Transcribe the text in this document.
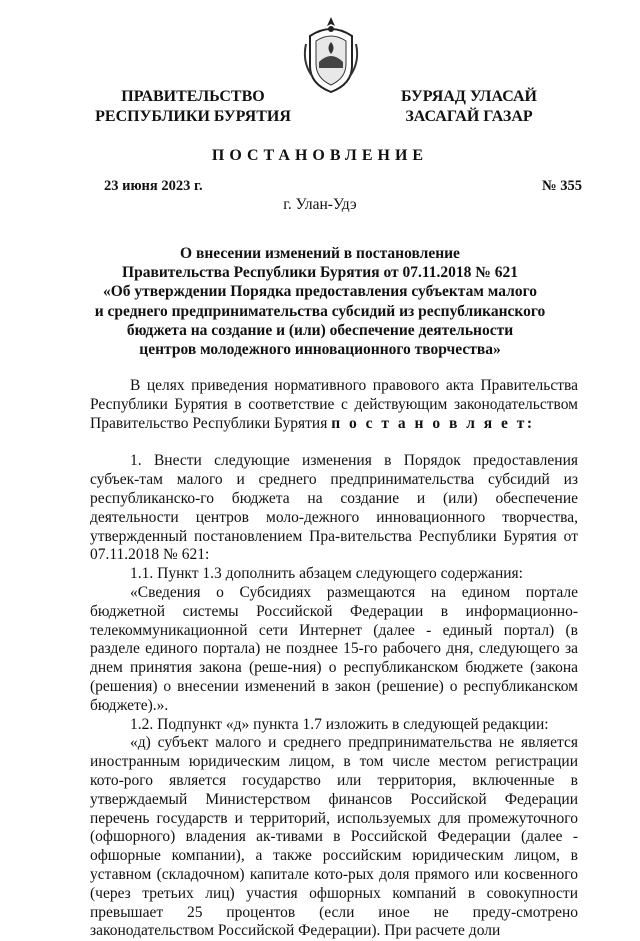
ПРАВИТЕЛЬСТВО
РЕСПУБЛИКИ БУРЯТИЯ
БУРЯАД УЛАСАЙ
ЗАСАГАЙ ГАЗАР
ПОСТАНОВЛЕНИЕ
23 июня 2023 г.	№ 355
г. Улан-Удэ
О внесении изменений в постановление
Правительства Республики Бурятия от 07.11.2018 № 621
«Об утверждении Порядка предоставления субъектам малого
и среднего предпринимательства субсидий из республиканского
бюджета на создание и (или) обеспечение деятельности
центров молодежного инновационного творчества»

В целях приведения нормативного правового акта Правительства Республики Бурятия в соответствие с действующим законодательством Правительство Республики Бурятия п о с т а н о в л я е т:

1. Внести следующие изменения в Порядок предоставления субъек-там малого и среднего предпринимательства субсидий из республиканско-го бюджета на создание и (или) обеспечение деятельности центров моло-дежного инновационного творчества, утвержденный постановлением Пра-вительства Республики Бурятия от 07.11.2018 № 621:

1.1. Пункт 1.3 дополнить абзацем следующего содержания:

«Сведения о Субсидиях размещаются на едином портале бюджетной системы Российской Федерации в информационно-телекоммуникационной сети Интернет (далее - единый портал) (в разделе единого портала) не позднее 15-го рабочего дня, следующего за днем принятия закона (реше-ния) о республиканском бюджете (закона (решения) о внесении изменений в закон (решение) о республиканском бюджете).».

1.2. Подпункт «д» пункта 1.7 изложить в следующей редакции:

«д) субъект малого и среднего предпринимательства не является иностранным юридическим лицом, в том числе местом регистрации кото-рого является государство или территория, включенные в утверждаемый Министерством финансов Российской Федерации перечень государств и территорий, используемых для промежуточного (офшорного) владения ак-тивами в Российской Федерации (далее - офшорные компании), а также российским юридическим лицом, в уставном (складочном) капитале кото-рых доля прямого или косвенного (через третьих лиц) участия офшорных компаний в совокупности превышает 25 процентов (если иное не преду-смотрено законодательством Российской Федерации). При расчете доли
